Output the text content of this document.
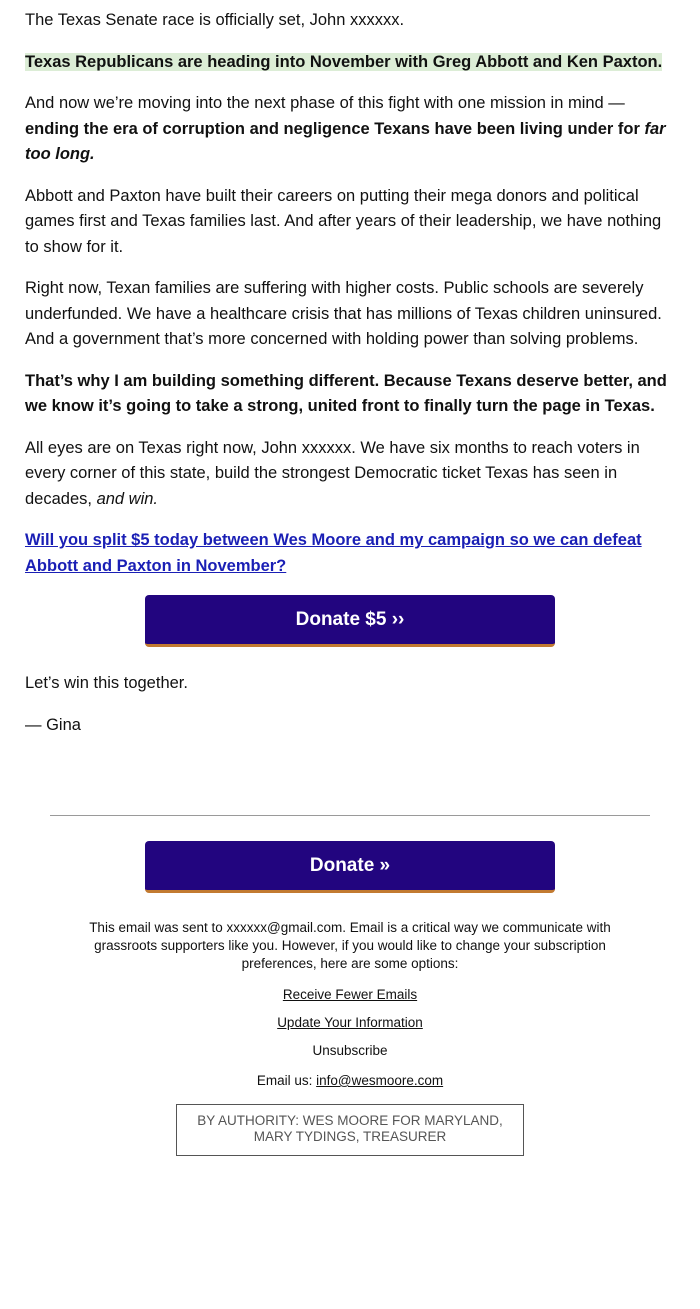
The Texas Senate race is officially set, John xxxxxx.

Texas Republicans are heading into November with Greg Abbott and Ken Paxton.

And now we’re moving into the next phase of this fight with one mission in mind — ending the era of corruption and negligence Texans have been living under for far too long.

Abbott and Paxton have built their careers on putting their mega donors and political games first and Texas families last. And after years of their leadership, we have nothing to show for it.

Right now, Texan families are suffering with higher costs. Public schools are severely underfunded. We have a healthcare crisis that has millions of Texas children uninsured. And a government that’s more concerned with holding power than solving problems.

That’s why I am building something different. Because Texans deserve better, and we know it’s going to take a strong, united front to finally turn the page in Texas.

All eyes are on Texas right now, John xxxxxx. We have six months to reach voters in every corner of this state, build the strongest Democratic ticket Texas has seen in decades, and win.

Will you split $5 today between Wes Moore and my campaign so we can defeat Abbott and Paxton in November?

Donate $5 ››

Let’s win this together.

— Gina

Donate »
This email was sent to xxxxxx@gmail.com. Email is a critical way we communicate with grassroots supporters like you. However, if you would like to change your subscription preferences, here are some options:
Receive Fewer Emails
Update Your Information
Unsubscribe
Email us: info@wesmoore.com
BY AUTHORITY: WES MOORE FOR MARYLAND,
MARY TYDINGS, TREASURER
